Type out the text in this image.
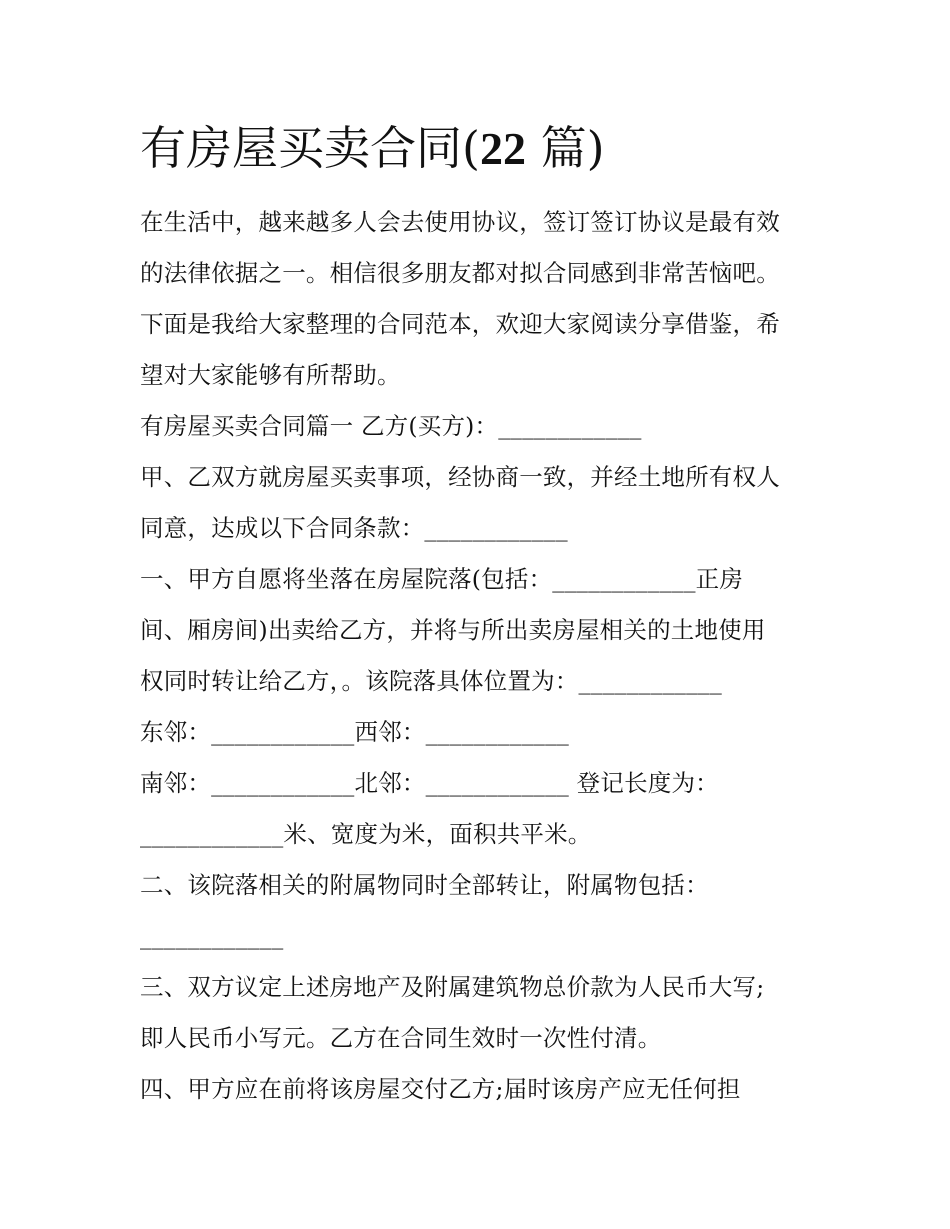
有房屋买卖合同(22 篇)
在生活中，越来越多人会去使用协议，签订签订协议是最有效
的法律依据之一。相信很多朋友都对拟合同感到非常苦恼吧。
下面是我给大家整理的合同范本，欢迎大家阅读分享借鉴，希
望对大家能够有所帮助。
有房屋买卖合同篇一 乙方(买方)：____________
甲、乙双方就房屋买卖事项，经协商一致，并经土地所有权人
同意，达成以下合同条款：____________
一、甲方自愿将坐落在房屋院落(包括：____________正房
间、厢房间)出卖给乙方，并将与所出卖房屋相关的土地使用
权同时转让给乙方，。该院落具体位置为：____________
东邻：____________西邻：____________
南邻：____________北邻：____________ 登记长度为：
____________米、宽度为米，面积共平米。
二、该院落相关的附属物同时全部转让，附属物包括：
____________
三、双方议定上述房地产及附属建筑物总价款为人民币大写;
即人民币小写元。乙方在合同生效时一次性付清。
四、甲方应在前将该房屋交付乙方;届时该房产应无任何担
